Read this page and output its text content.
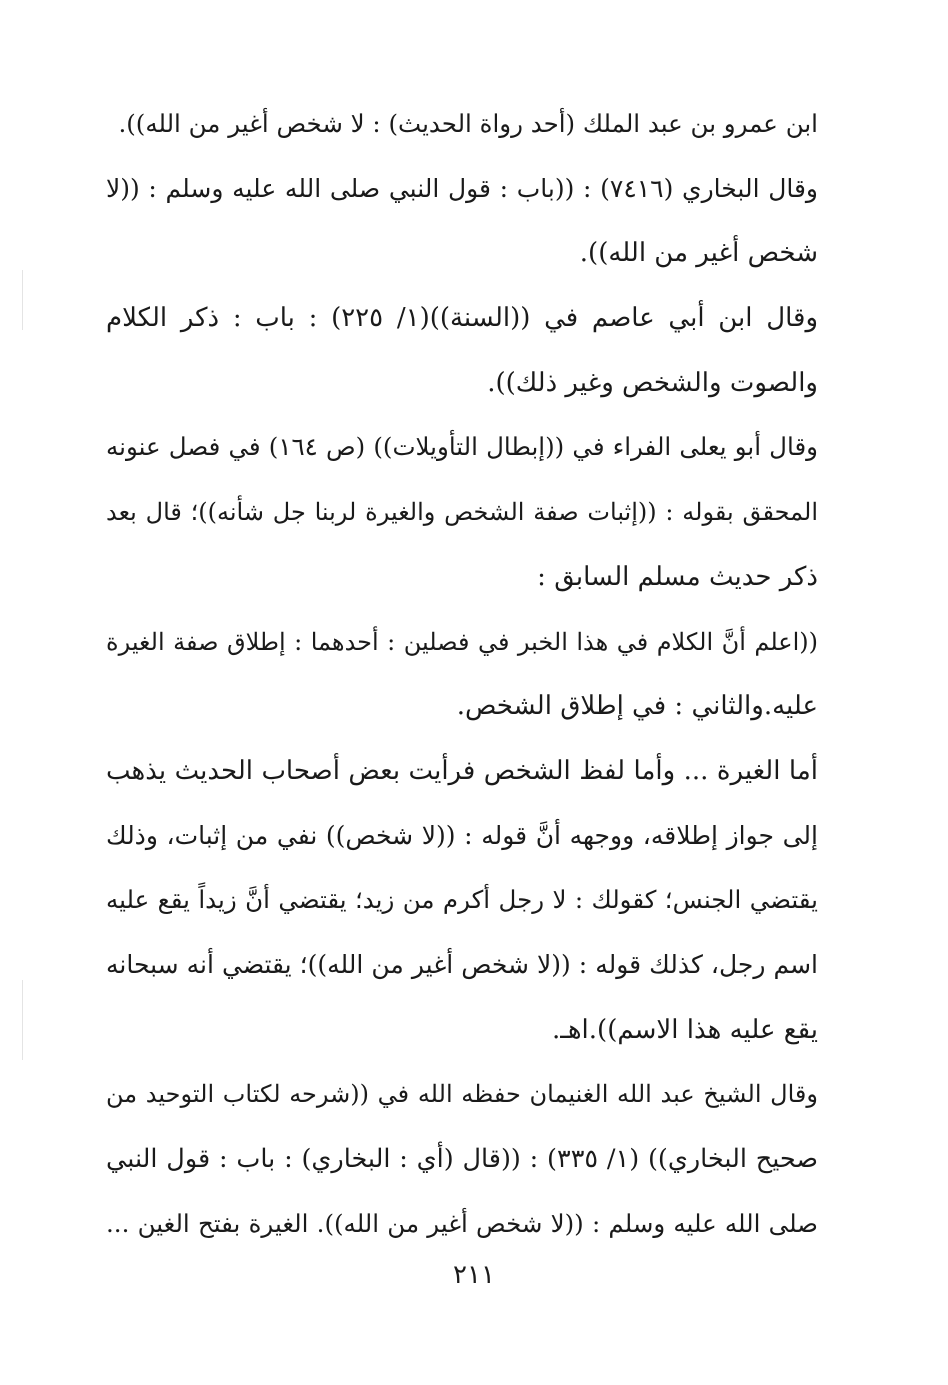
ابن عمرو بن عبد الملك (أحد رواة الحديث) : لا شخص أغير من الله)).
وقال البخاري (٧٤١٦) : ((باب : قول النبي صلى الله عليه وسلم : ((لا
شخص أغير من الله)).
وقال ابن أبي عاصم في ((السنة))(١/ ٢٢٥) : باب : ذكر الكلام
والصوت والشخص وغير ذلك)).
وقال أبو يعلى الفراء في ((إبطال التأويلات)) (ص ١٦٤) في فصل عنونه
المحقق بقوله : ((إثبات صفة الشخص والغيرة لربنا جل شأنه))؛ قال بعد
ذكر حديث مسلم السابق :
((اعلم أنَّ الكلام في هذا الخبر في فصلين : أحدهما : إطلاق صفة الغيرة
عليه.والثاني : في إطلاق الشخص.
أما الغيرة ... وأما لفظ الشخص فرأيت بعض أصحاب الحديث يذهب
إلى جواز إطلاقه، ووجهه أنَّ قوله : ((لا شخص)) نفي من إثبات، وذلك
يقتضي الجنس؛ كقولك : لا رجل أكرم من زيد؛ يقتضي أنَّ زيداً يقع عليه
اسم رجل، كذلك قوله : ((لا شخص أغير من الله))؛ يقتضي أنه سبحانه
يقع عليه هذا الاسم)).اهـ.
وقال الشيخ عبد الله الغنيمان حفظه الله في ((شرحه لكتاب التوحيد من
صحيح البخاري)) (١/ ٣٣٥) : ((قال (أي : البخاري) : باب : قول النبي
صلى الله عليه وسلم : ((لا شخص أغير من الله)). الغيرة بفتح الغين ...
٢١١
